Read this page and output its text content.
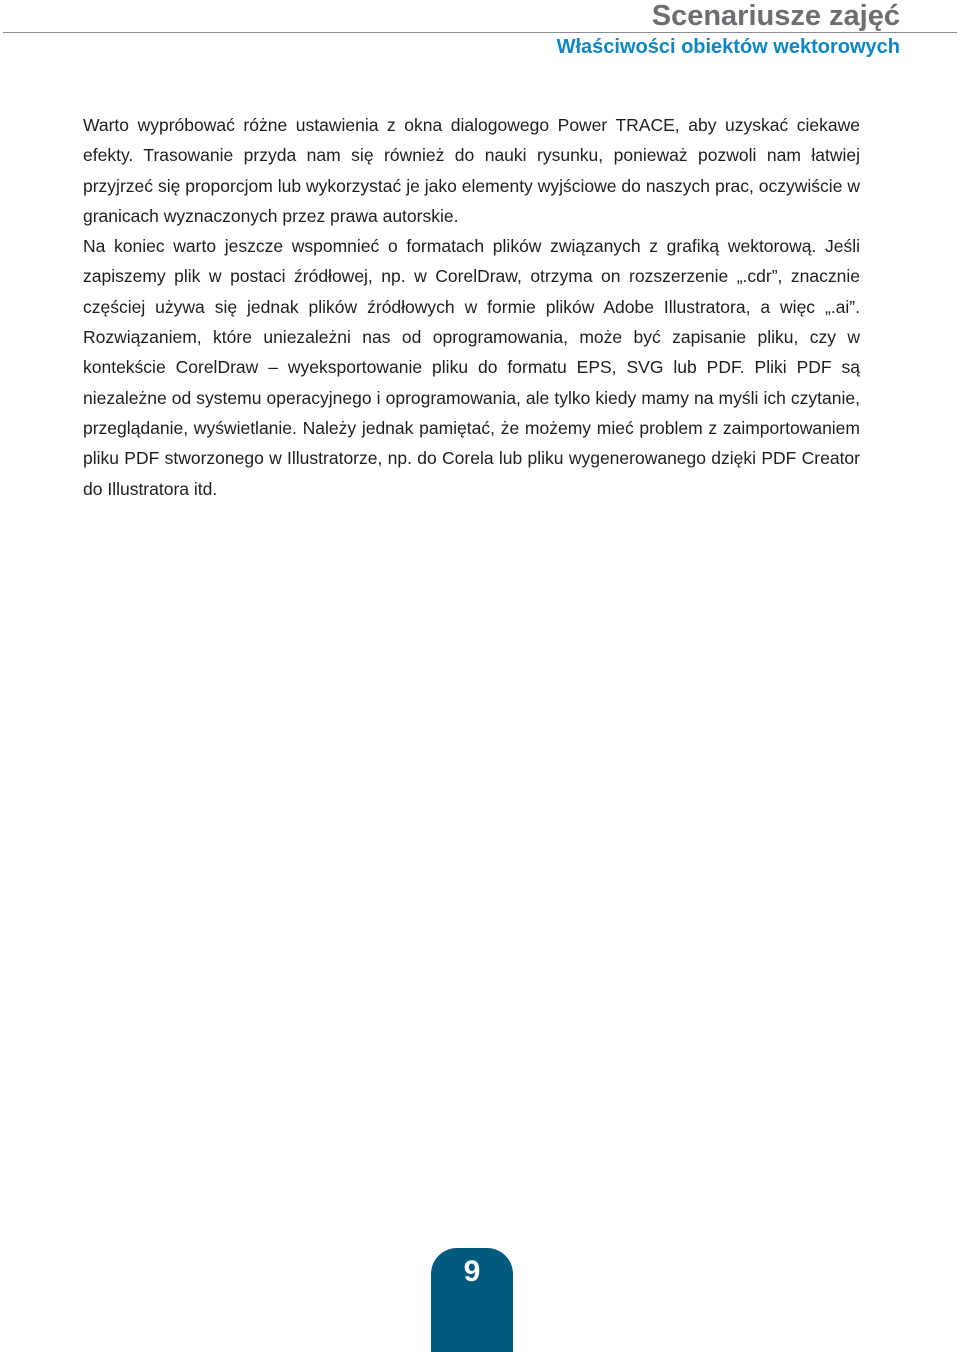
Scenariusze zajęć
Właściwości obiektów wektorowych

Warto wypróbować różne ustawienia z okna dialogowego Power TRACE, aby uzyskać ciekawe efekty. Trasowanie przyda nam się również do nauki rysunku, ponieważ pozwoli nam łatwiej przyjrzeć się proporcjom lub wykorzystać je jako elementy wyjściowe do naszych prac, oczywiście w granicach wyznaczonych przez prawa autorskie.

Na koniec warto jeszcze wspomnieć o formatach plików związanych z grafiką wektorową. Jeśli zapiszemy plik w postaci źródłowej, np. w CorelDraw, otrzyma on rozszerzenie „.cdr”, znacznie częściej używa się jednak plików źródłowych w formie plików Adobe Illustratora, a więc „.ai”. Rozwiązaniem, które uniezależni nas od oprogramowania, może być zapisanie pliku, czy w kontekście CorelDraw – wyeksportowanie pliku do formatu EPS, SVG lub PDF. Pliki PDF są niezależne od systemu operacyjnego i oprogramowania, ale tylko kiedy mamy na myśli ich czytanie, przeglądanie, wyświetlanie. Należy jednak pamiętać, że możemy mieć problem z zaimportowaniem pliku PDF stworzonego w Illustratorze, np. do Corela lub pliku wygenerowanego dzięki PDF Creator do Illustratora itd.

9
